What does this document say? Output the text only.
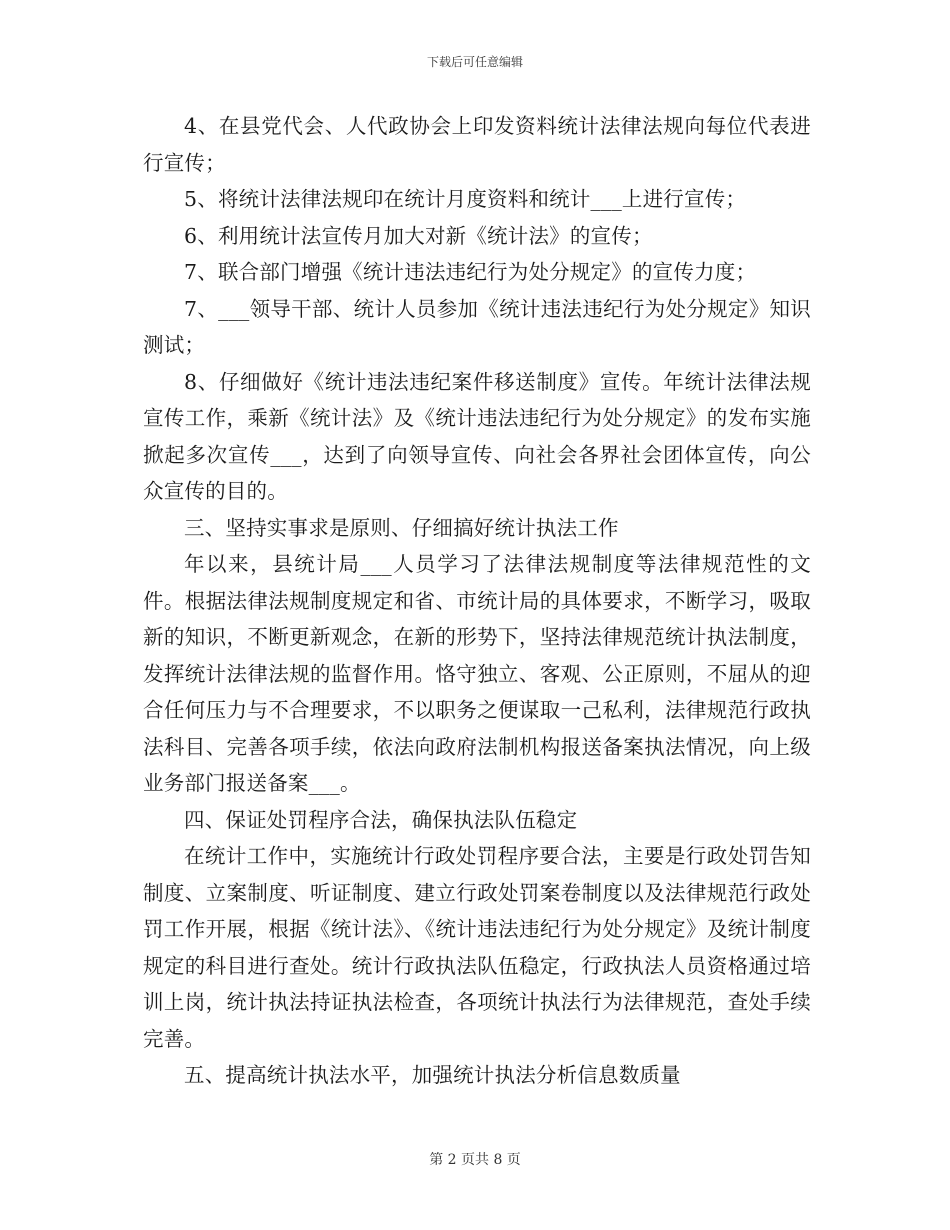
下载后可任意编辑

4、在县党代会、人代政协会上印发资料统计法律法规向每位代表进行宣传；

5、将统计法律法规印在统计月度资料和统计___上进行宣传；

6、利用统计法宣传月加大对新《统计法》的宣传；

7、联合部门增强《统计违法违纪行为处分规定》的宣传力度；

7、___领导干部、统计人员参加《统计违法违纪行为处分规定》知识测试；

8、仔细做好《统计违法违纪案件移送制度》宣传。年统计法律法规宣传工作，乘新《统计法》及《统计违法违纪行为处分规定》的发布实施掀起多次宣传___，达到了向领导宣传、向社会各界社会团体宣传，向公众宣传的目的。

三、坚持实事求是原则、仔细搞好统计执法工作

年以来，县统计局___人员学习了法律法规制度等法律规范性的文件。根据法律法规制度规定和省、市统计局的具体要求，不断学习，吸取新的知识，不断更新观念，在新的形势下，坚持法律规范统计执法制度，发挥统计法律法规的监督作用。恪守独立、客观、公正原则，不屈从的迎合任何压力与不合理要求，不以职务之便谋取一己私利，法律规范行政执法科目、完善各项手续，依法向政府法制机构报送备案执法情况，向上级业务部门报送备案___。

四、保证处罚程序合法，确保执法队伍稳定

在统计工作中，实施统计行政处罚程序要合法，主要是行政处罚告知制度、立案制度、听证制度、建立行政处罚案卷制度以及法律规范行政处罚工作开展，根据《统计法》、《统计违法违纪行为处分规定》及统计制度规定的科目进行查处。统计行政执法队伍稳定，行政执法人员资格通过培训上岗，统计执法持证执法检查，各项统计执法行为法律规范，查处手续完善。

五、提高统计执法水平，加强统计执法分析信息数质量

第 2 页共 8 页
